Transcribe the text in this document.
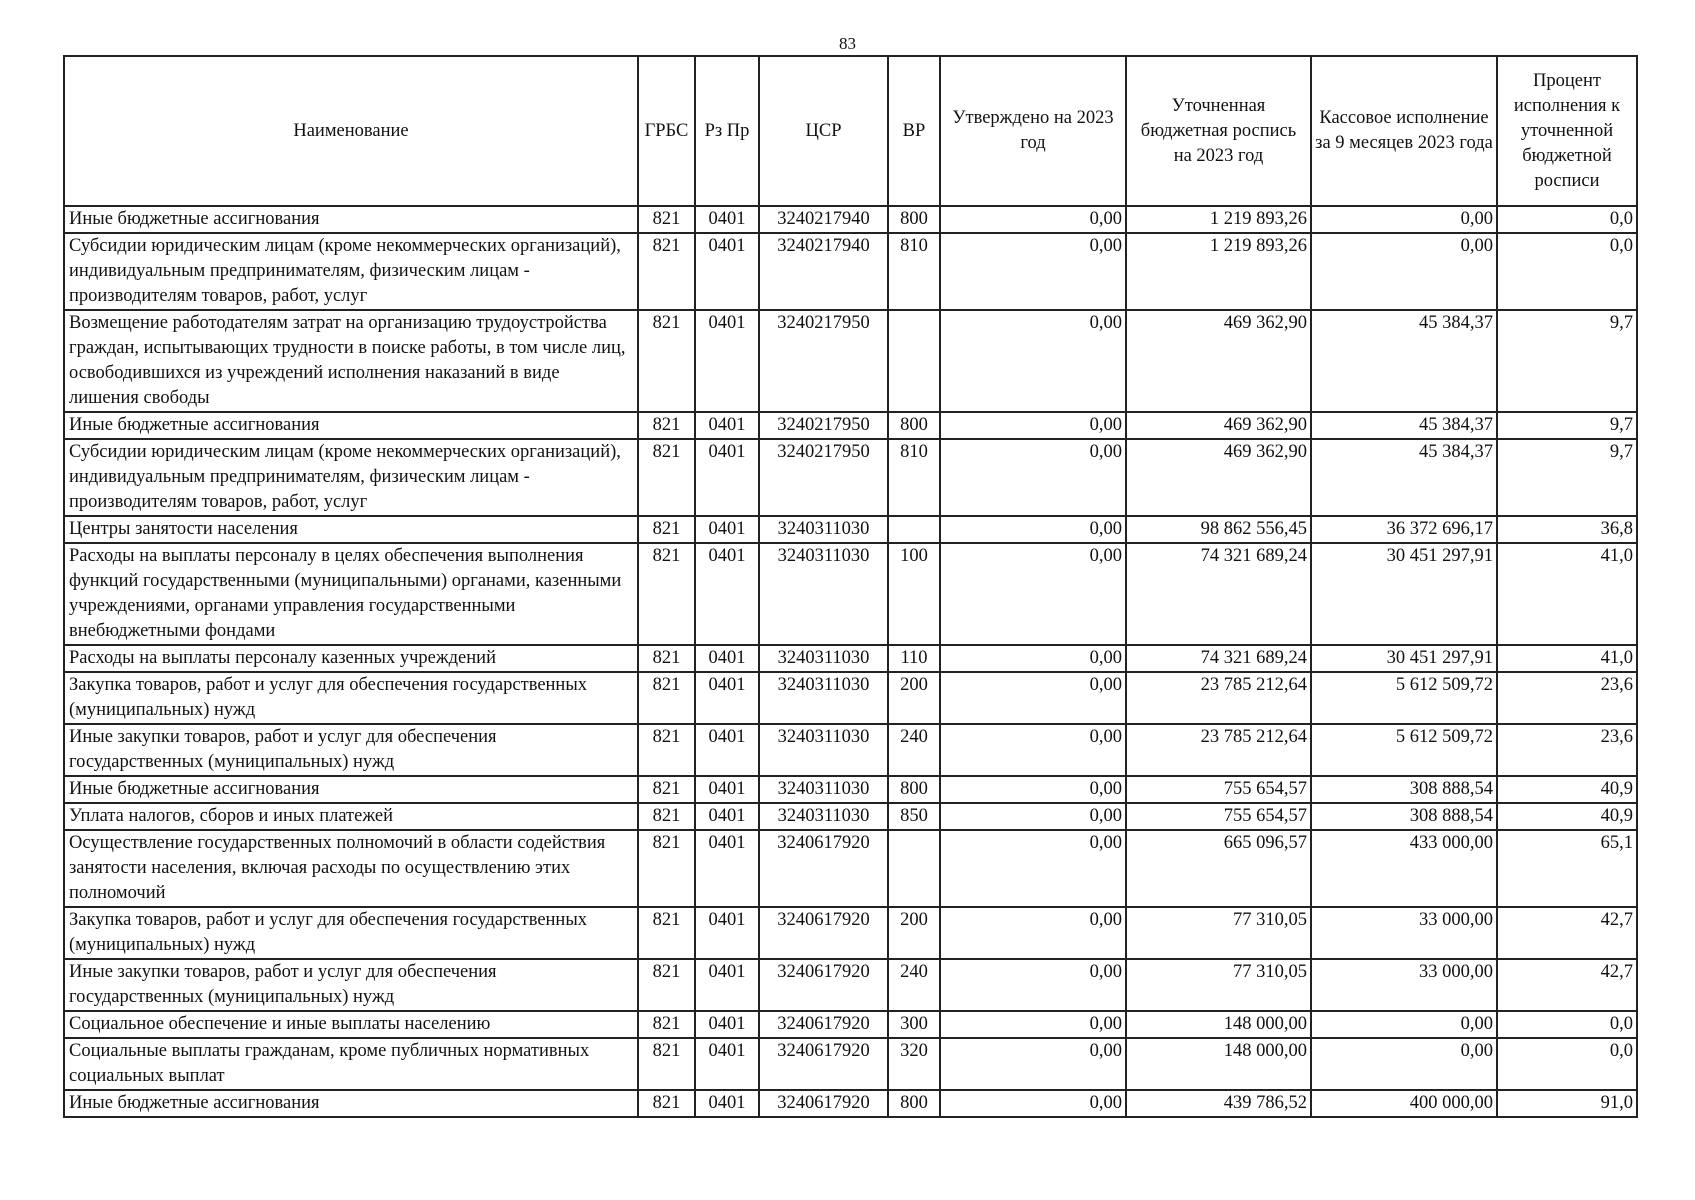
83
Наименование	ГРБС	Рз Пр	ЦСР	ВР	Утверждено на 2023 год	Уточненная бюджетная роспись на 2023 год	Кассовое исполнение за 9 месяцев 2023 года	Процент исполнения к уточненной бюджетной росписи
Иные бюджетные ассигнования	821	0401	3240217940	800	0,00	1 219 893,26	0,00	0,0
Субсидии юридическим лицам (кроме некоммерческих организаций), индивидуальным предпринимателям, физическим лицам - производителям товаров, работ, услуг	821	0401	3240217940	810	0,00	1 219 893,26	0,00	0,0
Возмещение работодателям затрат на организацию трудоустройства граждан, испытывающих трудности в поиске работы, в том числе лиц, освободившихся из учреждений исполнения наказаний в виде лишения свободы	821	0401	3240217950		0,00	469 362,90	45 384,37	9,7
Иные бюджетные ассигнования	821	0401	3240217950	800	0,00	469 362,90	45 384,37	9,7
Субсидии юридическим лицам (кроме некоммерческих организаций), индивидуальным предпринимателям, физическим лицам - производителям товаров, работ, услуг	821	0401	3240217950	810	0,00	469 362,90	45 384,37	9,7
Центры занятости населения	821	0401	3240311030		0,00	98 862 556,45	36 372 696,17	36,8
Расходы на выплаты персоналу в целях обеспечения выполнения функций государственными (муниципальными) органами, казенными учреждениями, органами управления государственными внебюджетными фондами	821	0401	3240311030	100	0,00	74 321 689,24	30 451 297,91	41,0
Расходы на выплаты персоналу казенных учреждений	821	0401	3240311030	110	0,00	74 321 689,24	30 451 297,91	41,0
Закупка товаров, работ и услуг для обеспечения государственных (муниципальных) нужд	821	0401	3240311030	200	0,00	23 785 212,64	5 612 509,72	23,6
Иные закупки товаров, работ и услуг для обеспечения государственных (муниципальных) нужд	821	0401	3240311030	240	0,00	23 785 212,64	5 612 509,72	23,6
Иные бюджетные ассигнования	821	0401	3240311030	800	0,00	755 654,57	308 888,54	40,9
Уплата налогов, сборов и иных платежей	821	0401	3240311030	850	0,00	755 654,57	308 888,54	40,9
Осуществление государственных полномочий в области содействия занятости населения, включая расходы по осуществлению этих полномочий	821	0401	3240617920		0,00	665 096,57	433 000,00	65,1
Закупка товаров, работ и услуг для обеспечения государственных (муниципальных) нужд	821	0401	3240617920	200	0,00	77 310,05	33 000,00	42,7
Иные закупки товаров, работ и услуг для обеспечения государственных (муниципальных) нужд	821	0401	3240617920	240	0,00	77 310,05	33 000,00	42,7
Социальное обеспечение и иные выплаты населению	821	0401	3240617920	300	0,00	148 000,00	0,00	0,0
Социальные выплаты гражданам, кроме публичных нормативных социальных выплат	821	0401	3240617920	320	0,00	148 000,00	0,00	0,0
Иные бюджетные ассигнования	821	0401	3240617920	800	0,00	439 786,52	400 000,00	91,0
